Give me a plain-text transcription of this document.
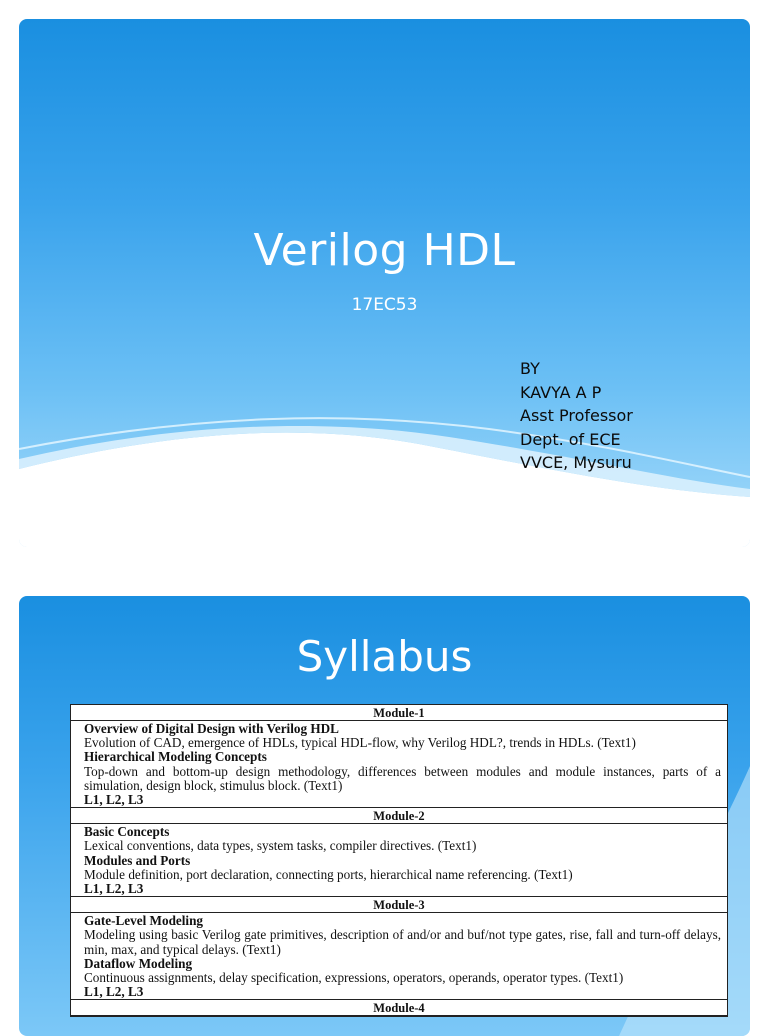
Verilog HDL
17EC53
BY
KAVYA A P
Asst Professor
Dept. of ECE
VVCE, Mysuru
Syllabus
Module-1
Overview of Digital Design with Verilog HDL
Evolution of CAD, emergence of HDLs, typical HDL-flow, why Verilog HDL?, trends in HDLs. (Text1)
Hierarchical Modeling Concepts
Top-down and bottom-up design methodology, differences between modules and module instances, parts of a simulation, design block, stimulus block. (Text1)
L1, L2, L3
Module-2
Basic Concepts
Lexical conventions, data types, system tasks, compiler directives. (Text1)
Modules and Ports
Module definition, port declaration, connecting ports, hierarchical name referencing. (Text1)
L1, L2, L3
Module-3
Gate-Level Modeling
Modeling using basic Verilog gate primitives, description of and/or and buf/not type gates, rise, fall and turn-off delays, min, max, and typical delays. (Text1)
Dataflow Modeling
Continuous assignments, delay specification, expressions, operators, operands, operator types. (Text1)
L1, L2, L3
Module-4
